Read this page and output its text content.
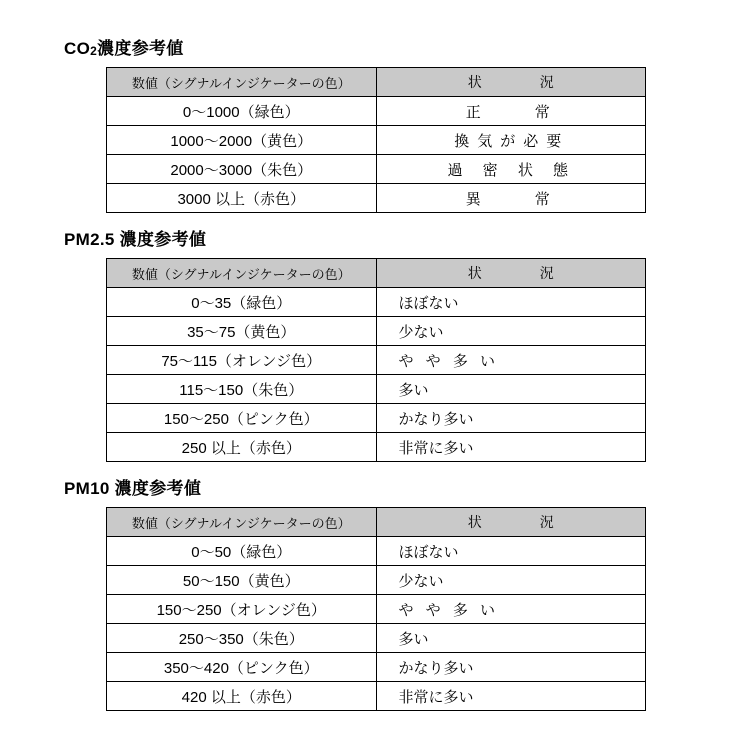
CO2濃度参考値
数値（シグナルインジケーターの色）	状　　況
0〜1000（緑色）	正　　常
1000〜2000（黄色）	換気が必要
2000〜3000（朱色）	過 密 状 態
3000 以上（赤色）	異　　常
PM2.5 濃度参考値
数値（シグナルインジケーターの色）	状　　況
0〜35（緑色）	ほぼない
35〜75（黄色）	少ない
75〜115（オレンジ色）	や や 多 い
115〜150（朱色）	多い
150〜250（ピンク色）	かなり多い
250 以上（赤色）	非常に多い
PM10 濃度参考値
数値（シグナルインジケーターの色）	状　　況
0〜50（緑色）	ほぼない
50〜150（黄色）	少ない
150〜250（オレンジ色）	や や 多 い
250〜350（朱色）	多い
350〜420（ピンク色）	かなり多い
420 以上（赤色）	非常に多い
